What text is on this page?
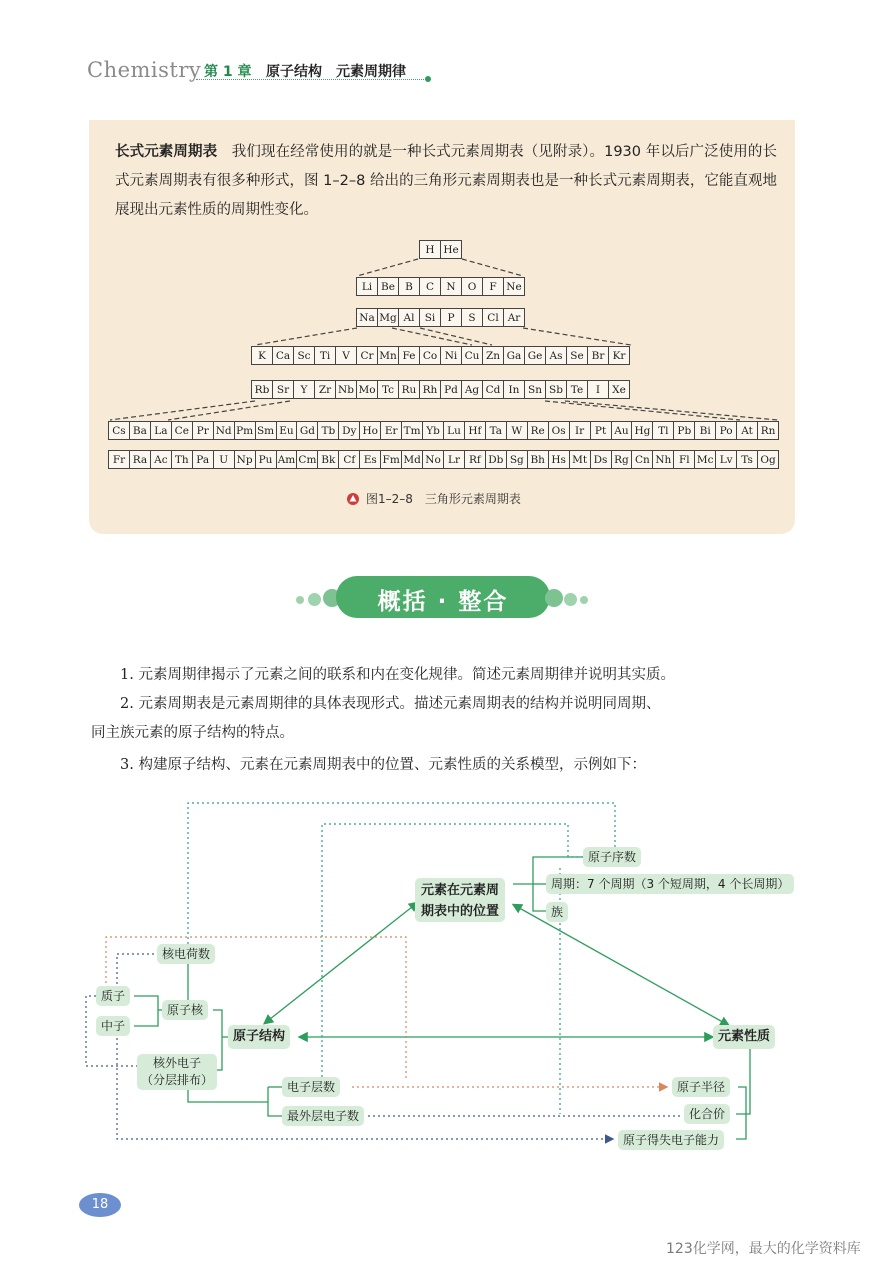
Chemistry 第 1 章 原子结构　元素周期律
长式元素周期表　我们现在经常使用的就是一种长式元素周期表（见附录）。1930 年以后广泛使用的长式元素周期表有很多种形式，图 1–2–8 给出的三角形元素周期表也是一种长式元素周期表，它能直观地展现出元素性质的周期性变化。
H He
Li Be B	C	N	O	F Ne
Na Mg Al Si	P	S	Cl Ar
K Ca Sc Ti	V	Cr Mn Fe Co Ni Cu Zn Ga Ge As Se Br Kr
Rb Sr	Y	Zr Nb Mo Tc Ru Rh Pd Ag Cd In Sn Sb Te	I	Xe
Cs Ba La Ce Pr Nd Pm Sm Eu Gd Tb Dy Ho Er Tm Yb Lu Hf Ta W Re Os Ir	Pt Au Hg Tl Pb Bi Po At Rn
Fr Ra Ac Th Pa U Np Pu Am Cm Bk Cf Es Fm Md No Lr Rf Db Sg Bh Hs Mt Ds Rg Cn Nh Fl Mc Lv Ts Og
图1–2–8　三角形元素周期表
概括 · 整合
1. 元素周期律揭示了元素之间的联系和内在变化规律。简述元素周期律并说明其实质。
2. 元素周期表是元素周期律的具体表现形式。描述元素周期表的结构并说明同周期、
同主族元素的原子结构的特点。
3. 构建原子结构、元素在元素周期表中的位置、元素性质的关系模型，示例如下：
元素在元素周
期表中的位置
原子序数
周期：7 个周期（3 个短周期，4 个长周期）
族
核电荷数
质子
中子
原子核
原子结构
核外电子
（分层排布）	电子层数
最外层电子数
元素性质
原子半径
化合价
原子得失电子能力
18
123化学网，最大的化学资料库
